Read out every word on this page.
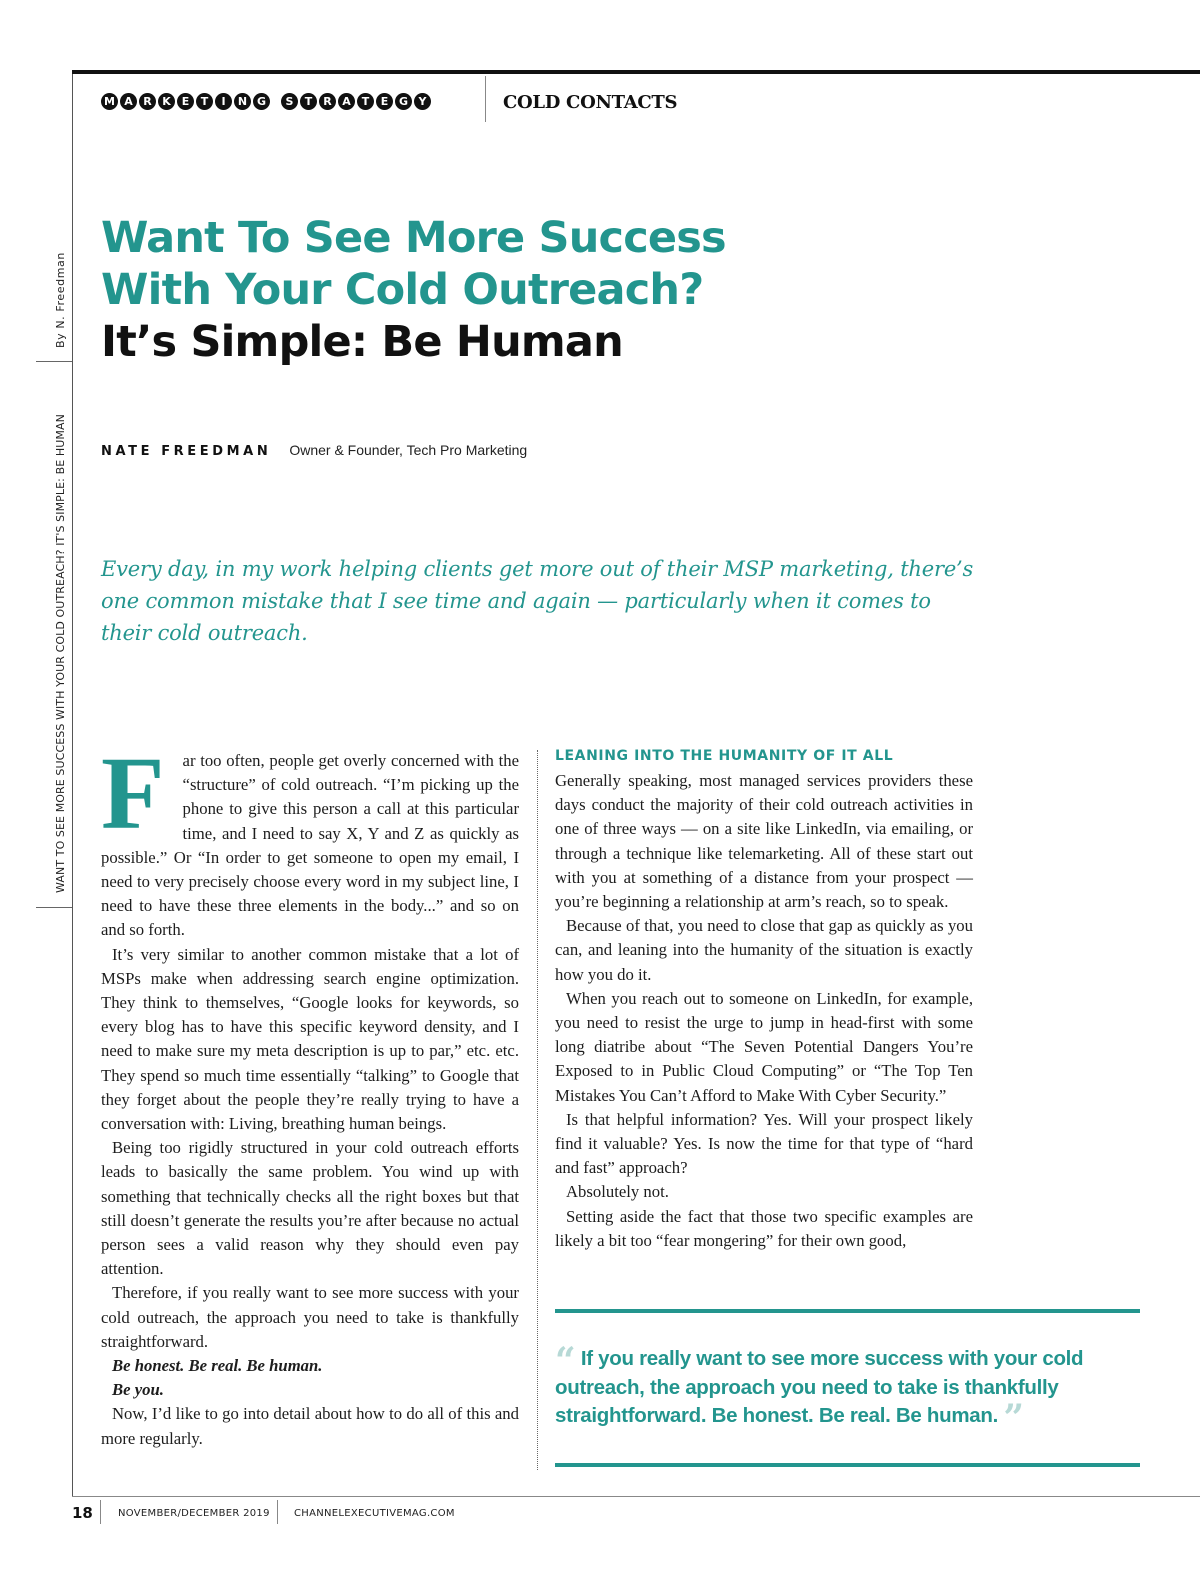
M A R K E	T	I	N G	S	T	R A T	E G Y	COLD CONTACTS
By N. Freedman
WANT TO SEE MORE SUCCESS WITH YOUR COLD OUTREACH? IT'S SIMPLE: BE HUMAN
Want To See More Success
With Your Cold Outreach?
It’s Simple: Be Human
NATE FREEDMAN Owner & Founder, Tech Pro Marketing
Every day, in my work helping clients get more out of their MSP marketing, there’s one common mistake that I see time and again — particularly when it comes to their cold outreach.
F	ar too often, people get overly concerned with the “structure” of cold outreach. “I’m picking up the phone to give this person a call at this particular time, and I need to say X, Y and Z as quickly as possible.” Or “In order to get someone to open my email, I need to very precisely choose every word in my subject line, I need to have these three elements in the body...” and so on and so forth.

It’s very similar to another common mistake that a lot of MSPs make when addressing search engine optimization. They think to themselves, “Google looks for keywords, so every blog has to have this specific keyword density, and I need to make sure my meta description is up to par,” etc. etc. They spend so much time essentially “talking” to Google that they forget about the people they’re really trying to have a conversation with: Living, breathing human beings.

Being too rigidly structured in your cold outreach efforts leads to basically the same problem. You wind up with something that technically checks all the right boxes but that still doesn’t generate the results you’re after because no actual person sees a valid reason why they should even pay attention.

Therefore, if you really want to see more success with your cold outreach, the approach you need to take is thankfully straightforward.

Be honest. Be real. Be human.

Be you.

Now, I’d like to go into detail about how to do all of this and more regularly.

LEANING INTO THE HUMANITY OF IT ALL

Generally speaking, most managed services providers these days conduct the majority of their cold outreach activities in one of three ways — on a site like LinkedIn, via emailing, or through a technique like telemarketing. All of these start out with you at something of a distance from your prospect — you’re beginning a relationship at arm’s reach, so to speak.

Because of that, you need to close that gap as quickly as you can, and leaning into the humanity of the situation is exactly how you do it.

When you reach out to someone on LinkedIn, for example, you need to resist the urge to jump in head-first with some long diatribe about “The Seven Potential Dangers You’re Exposed to in Public Cloud Computing” or “The Top Ten Mistakes You Can’t Afford to Make With Cyber Security.”

Is that helpful information? Yes. Will your prospect likely find it valuable? Yes. Is now the time for that type of “hard and fast” approach?

Absolutely not.

Setting aside the fact that those two specific examples are likely a bit too “fear mongering” for their own good,

“ If you really want to see more success with your cold outreach, the approach you need to take is thankfully straightforward. Be honest. Be real. Be human. ”
18	NOVEMBER/DECEMBER 2019 CHANNELEXECUTIVEMAG.COM
